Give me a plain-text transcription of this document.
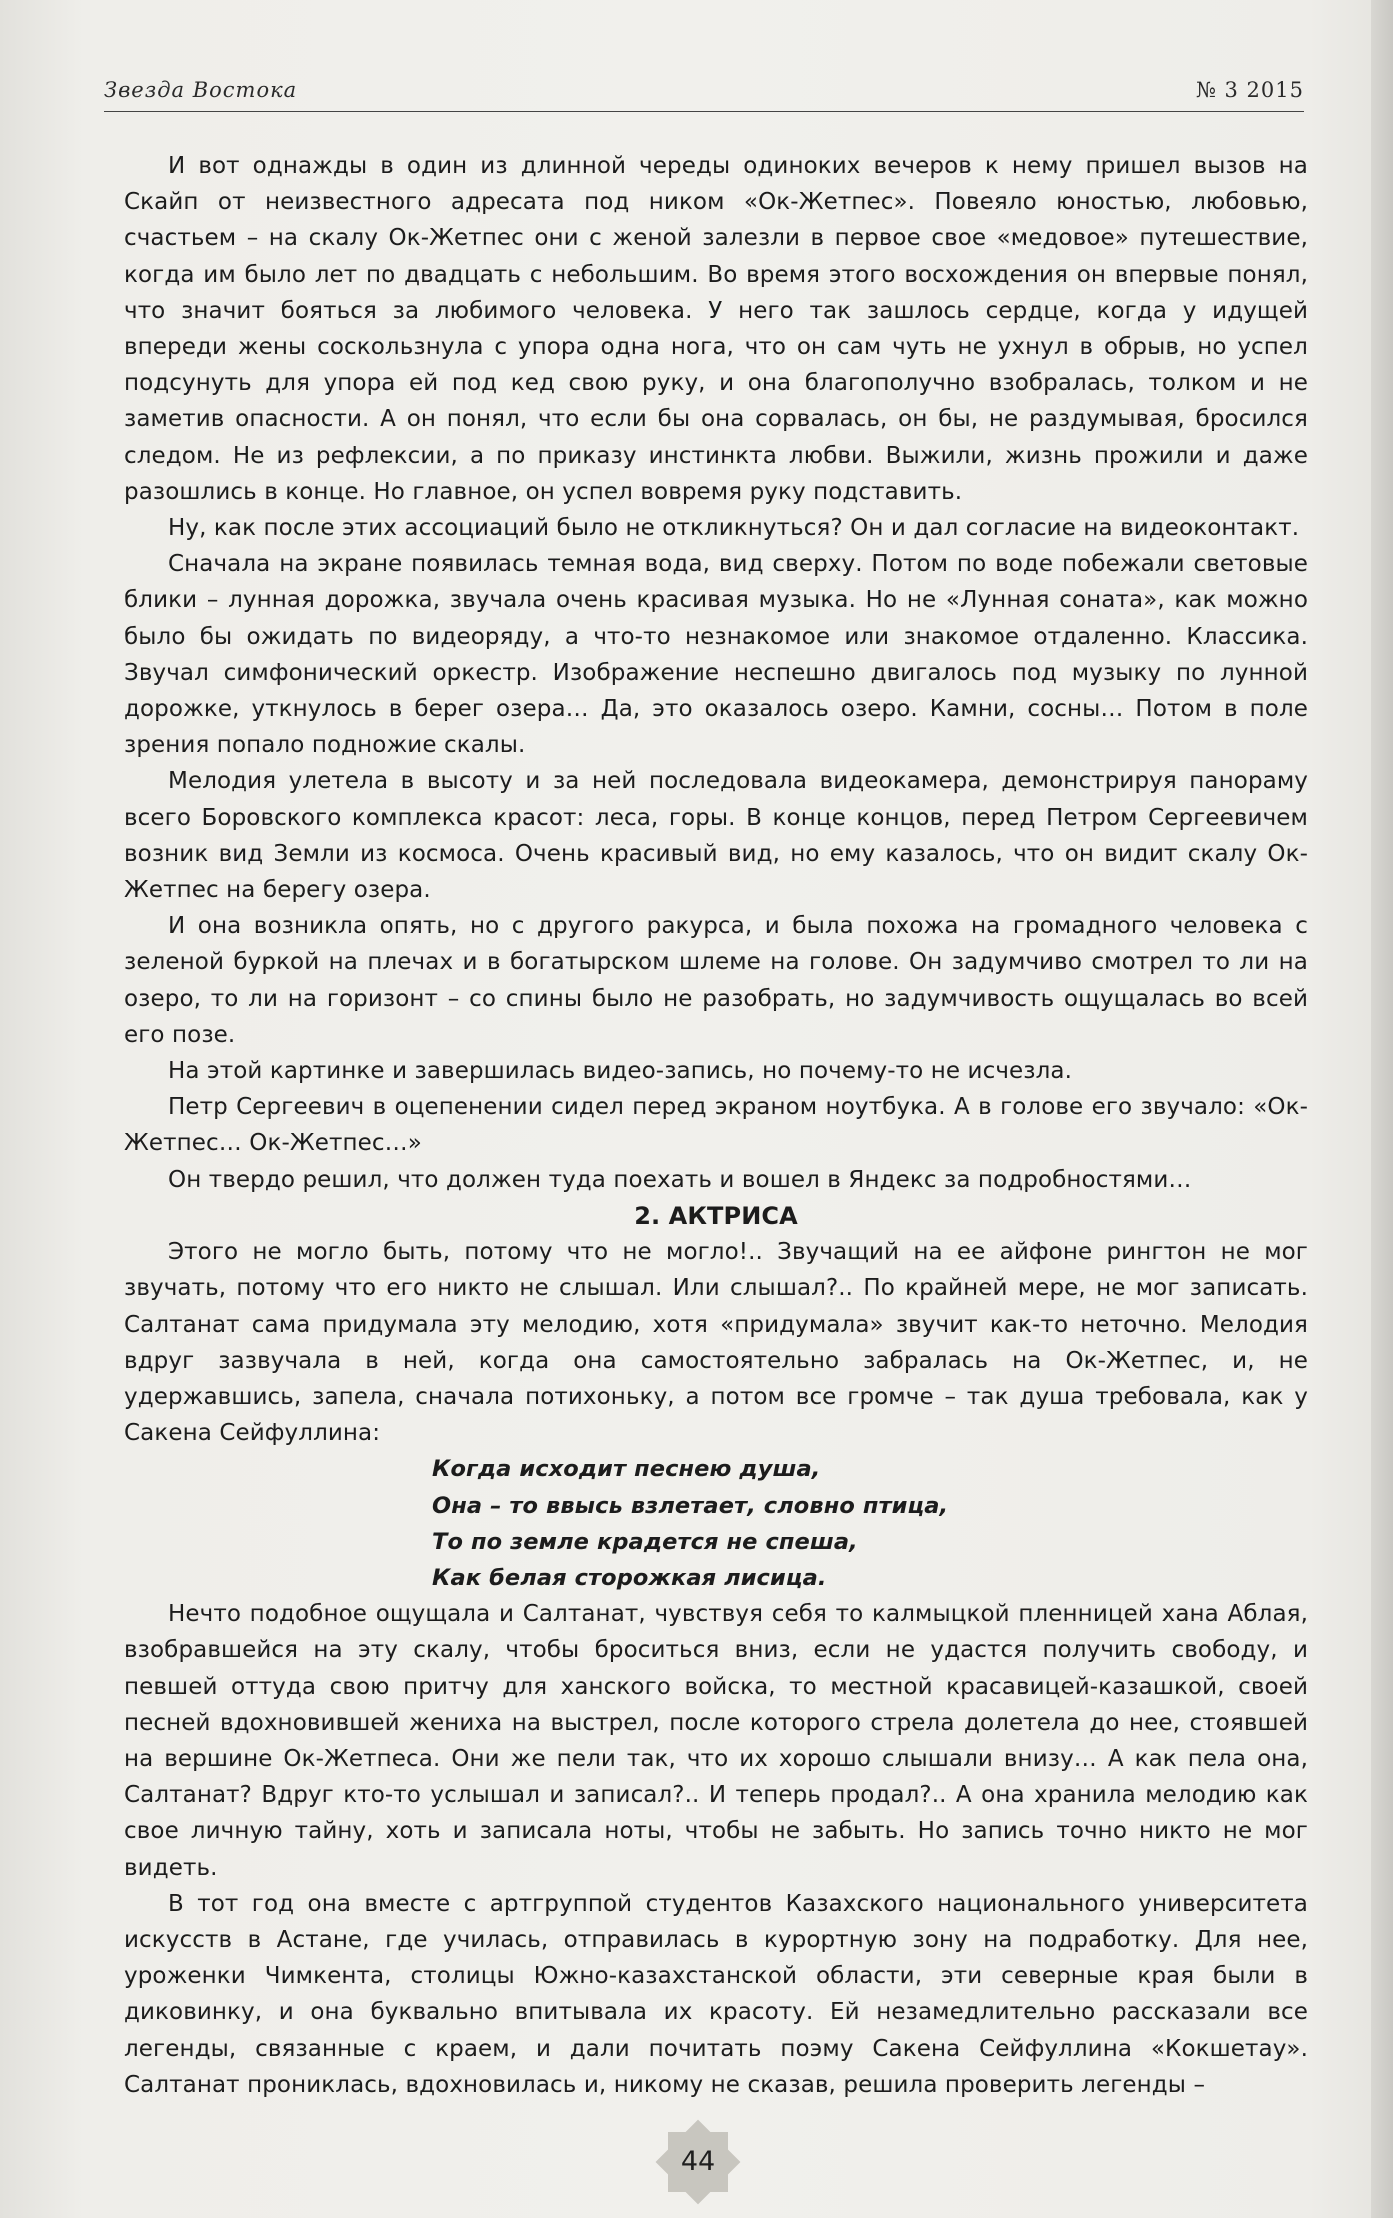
Звезда Востока	№ 3 2015

И вот однажды в один из длинной череды одиноких вечеров к нему пришел вызов на Скайп от неизвестного адресата под ником «Ок-Жетпес». Повеяло юностью, любовью, счастьем – на скалу Ок-Жетпес они с женой залезли в первое свое «медовое» путешествие, когда им было лет по двадцать с небольшим. Во время этого восхождения он впервые понял, что значит бояться за любимого человека. У него так зашлось сердце, когда у идущей впереди жены соскользнула с упора одна нога, что он сам чуть не ухнул в обрыв, но успел подсунуть для упора ей под кед свою руку, и она благополучно взобралась, толком и не заметив опасности. А он понял, что если бы она сорвалась, он бы, не раздумывая, бросился следом. Не из рефлексии, а по приказу инстинкта любви. Выжили, жизнь прожили и даже разошлись в конце. Но главное, он успел вовремя руку подставить.

Ну, как после этих ассоциаций было не откликнуться? Он и дал согласие на видеоконтакт.

Сначала на экране появилась темная вода, вид сверху. Потом по воде побежали световые блики – лунная дорожка, звучала очень красивая музыка. Но не «Лунная соната», как можно было бы ожидать по видеоряду, а что-то незнакомое или знакомое отдаленно. Классика. Звучал симфонический оркестр. Изображение неспешно двигалось под музыку по лунной дорожке, уткнулось в берег озера… Да, это оказалось озеро. Камни, сосны… Потом в поле зрения попало подножие скалы.

Мелодия улетела в высоту и за ней последовала видеокамера, демонстрируя панораму всего Боровского комплекса красот: леса, горы. В конце концов, перед Петром Сергеевичем возник вид Земли из космоса. Очень красивый вид, но ему казалось, что он видит скалу Ок-Жетпес на берегу озера.

И она возникла опять, но с другого ракурса, и была похожа на громадного человека с зеленой буркой на плечах и в богатырском шлеме на голове. Он задумчиво смотрел то ли на озеро, то ли на горизонт – со спины было не разобрать, но задумчивость ощущалась во всей его позе.

На этой картинке и завершилась видео-запись, но почему-то не исчезла.

Петр Сергеевич в оцепенении сидел перед экраном ноутбука. А в голове его звучало: «Ок-Жетпес… Ок-Жетпес…»

Он твердо решил, что должен туда поехать и вошел в Яндекс за подробностями…

2. АКТРИСА

Этого не могло быть, потому что не могло!.. Звучащий на ее айфоне рингтон не мог звучать, потому что его никто не слышал. Или слышал?.. По крайней мере, не мог записать. Салтанат сама придумала эту мелодию, хотя «придумала» звучит как-то неточно. Мелодия вдруг зазвучала в ней, когда она самостоятельно забралась на Ок-Жетпес, и, не удержавшись, запела, сначала потихоньку, а потом все громче – так душа требовала, как у Сакена Сейфуллина:

Когда исходит песнею душа,
Она – то ввысь взлетает, словно птица,
То по земле крадется не спеша,
Как белая сторожкая лисица.

Нечто подобное ощущала и Салтанат, чувствуя себя то калмыцкой пленницей хана Аблая, взобравшейся на эту скалу, чтобы броситься вниз, если не удастся получить свободу, и певшей оттуда свою притчу для ханского войска, то местной красавицей-казашкой, своей песней вдохновившей жениха на выстрел, после которого стрела долетела до нее, стоявшей на вершине Ок-Жетпеса. Они же пели так, что их хорошо слышали внизу… А как пела она, Салтанат? Вдруг кто-то услышал и записал?.. И теперь продал?.. А она хранила мелодию как свое личную тайну, хоть и записала ноты, чтобы не забыть. Но запись точно никто не мог видеть.

В тот год она вместе с артгруппой студентов Казахского национального университета искусств в Астане, где училась, отправилась в курортную зону на подработку. Для нее, уроженки Чимкента, столицы Южно-казахстанской области, эти северные края были в диковинку, и она буквально впитывала их красоту. Ей незамедлительно рассказали все легенды, связанные с краем, и дали почитать поэму Сакена Сейфуллина «Кокшетау». Салтанат прониклась, вдохновилась и, никому не сказав, решила проверить легенды –

44
